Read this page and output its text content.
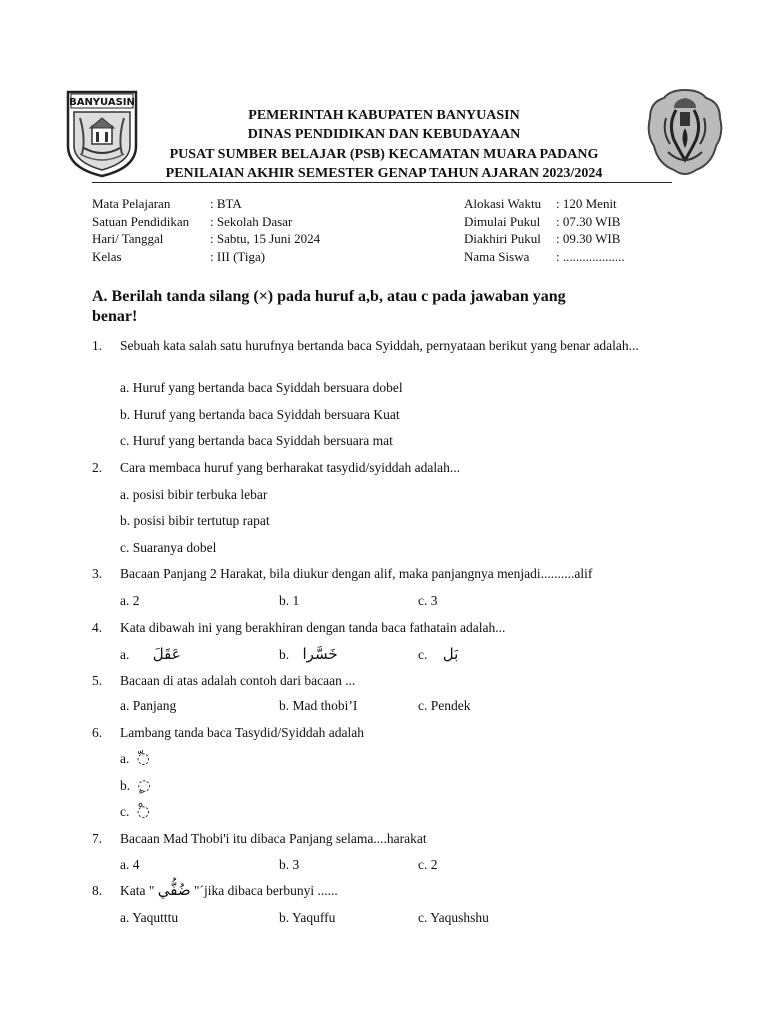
BANYUASIN
PEMERINTAH KABUPATEN BANYUASIN
DINAS PENDIDIKAN DAN KEBUDAYAAN
PUSAT SUMBER BELAJAR (PSB) KECAMATAN MUARA PADANG
PENILAIAN AKHIR SEMESTER GENAP TAHUN AJARAN 2023/2024
Mata Pelajaran	: BTA
Satuan Pendidikan : Sekolah Dasar
Hari/ Tanggal	: Sabtu, 15 Juni 2024
Kelas	: III (Tiga)
Alokasi Waktu : 120 Menit
Dimulai Pukul : 07.30 WIB
Diakhiri Pukul : 09.30 WIB
Nama Siswa : ...................
A. Berilah tanda silang (×) pada huruf a,b, atau c pada jawaban yang
benar!
1. Sebuah kata salah satu hurufnya bertanda baca Syiddah, pernyataan berikut yang benar adalah...
a. Huruf yang bertanda baca Syiddah bersuara dobel
b. Huruf yang bertanda baca Syiddah bersuara Kuat
c. Huruf yang bertanda baca Syiddah bersuara mat
2. Cara membaca huruf yang berharakat tasydid/syiddah adalah...
a. posisi bibir terbuka lebar
b. posisi bibir tertutup rapat
c. Suaranya dobel
3. Bacaan Panjang 2 Harakat, bila diukur dengan alif, maka panjangnya menjadi..........alif
a. 2	b. 1	c. 3
4. Kata dibawah ini yang berakhiran dengan tanda baca fathatain adalah...
a. عَقَلَ	b. خَسَّرا	c. بَل
5. Bacaan di atas adalah contoh dari bacaan ...
a. Panjang	b. Mad thobi’I	c. Pendek
6. Lambang tanda baca Tasydid/Syiddah adalah
a. ◌ّ
b. ◌ٍ
c. ◌ْ
7. Bacaan Mad Thobi'i itu dibaca Panjang selama....harakat
a. 4	b. 3	c. 2
8. Kata " ضُفُّي "´jika dibaca berbunyi ......
a. Yaqutttu	b. Yaquffu	c. Yaqushshu
